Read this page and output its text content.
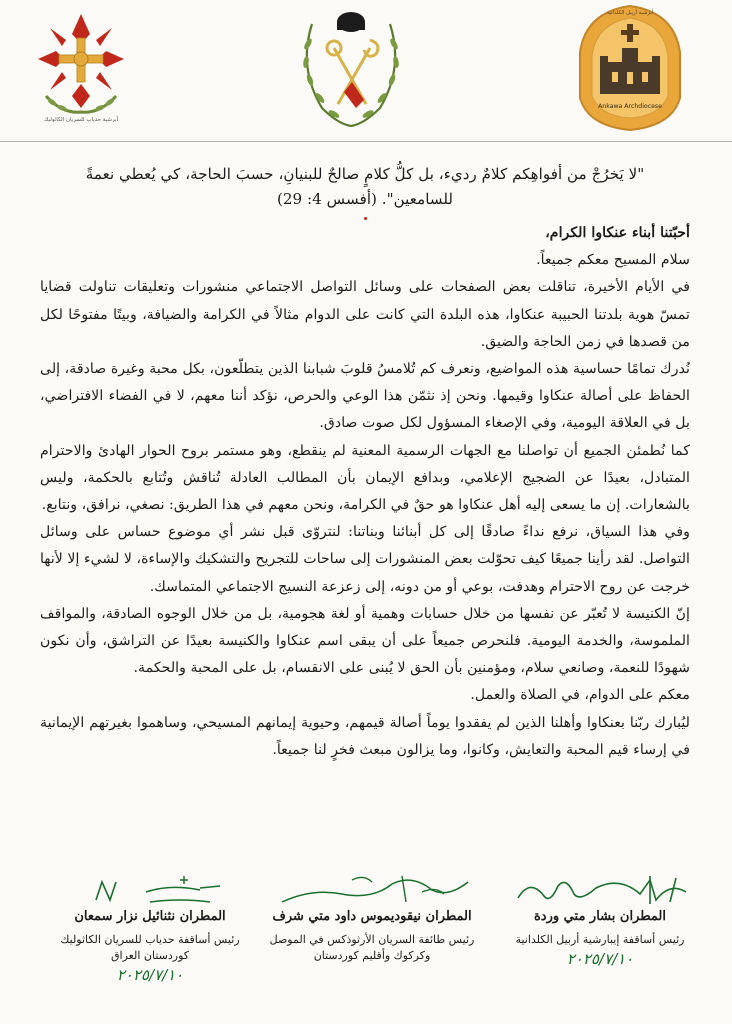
أبرشية حدياب للسريان الكاثوليك
Ankawa Archdiocese
أبرشية أربيل الكلدانية

"لا يَخرُجْ من أفواهِكم كلامٌ رديء، بل كلُّ كلامٍ صالحٌ للبنيانِ، حسبَ الحاجة، كي يُعطي نعمةً للسامعين". (أفسس 4: 29)

أحبّتنا أبناء عنكاوا الكرام،

سلام المسيح معكم جميعاً.

في الأيام الأخيرة، تناقلت بعض الصفحات على وسائل التواصل الاجتماعي منشورات وتعليقات تناولت قضايا تمسّ هوية بلدتنا الحبيبة عنكاوا، هذه البلدة التي كانت على الدوام مثالاً في الكرامة والضيافة، وبيتًا مفتوحًا لكل من قصدها في زمن الحاجة والضيق.

نُدرك تمامًا حساسية هذه المواضيع، ونعرف كم تُلامسُ قلوبَ شبابنا الذين يتطلّعون، بكل محبة وغيرة صادقة، إلى الحفاظ على أصالة عنكاوا وقيمها. ونحن إذ نثمّن هذا الوعي والحرص، نؤكد أننا معهم، لا في الفضاء الافتراضي، بل في العلاقة اليومية، وفي الإصغاء المسؤول لكل صوت صادق.

كما نُطمئن الجميع أن تواصلنا مع الجهات الرسمية المعنية لم ينقطع، وهو مستمر بروح الحوار الهادئ والاحترام المتبادل، بعيدًا عن الضجيج الإعلامي، وبدافع الإيمان بأن المطالب العادلة تُناقش وتُتابع بالحكمة، وليس بالشعارات. إن ما يسعى إليه أهل عنكاوا هو حقٌ في الكرامة، ونحن معهم في هذا الطريق: نصغي، نرافق، ونتابع.

وفي هذا السياق، نرفع نداءً صادقًا إلى كل أبنائنا وبناتنا: لنتروّى قبل نشر أي موضوع حساس على وسائل التواصل. لقد رأينا جميعًا كيف تحوّلت بعض المنشورات إلى ساحات للتجريح والتشكيك والإساءة، لا لشيء إلا لأنها خرجت عن روح الاحترام وهدفت، بوعي أو من دونه، إلى زعزعة النسيج الاجتماعي المتماسك.

إنّ الكنيسة لا تُعبّر عن نفسها من خلال حسابات وهمية أو لغة هجومية، بل من خلال الوجوه الصادقة، والمواقف الملموسة، والخدمة اليومية. فلنحرص جميعاً على أن يبقى اسم عنكاوا والكنيسة بعيدًا عن التراشق، وأن نكون شهودًا للنعمة، وصانعي سلام، ومؤمنين بأن الحق لا يُبنى على الانقسام، بل على المحبة والحكمة.

معكم على الدوام، في الصلاة والعمل.

ليُبارك ربّنا بعنكاوا وأهلنا الذين لم يفقدوا يوماً أصالة قيمهم، وحيوية إيمانهم المسيحي، وساهموا بغيرتهم الإيمانية في إرساء قيم المحبة والتعايش، وكانوا، وما يزالون مبعث فخرٍ لنا جميعاً.

المطران بشار متي وردة
رئيس أساقفة إيبارشية أربيل الكلدانية
٢٠٢٥/٧/١٠
المطران نيقوديموس داود متي شرف
رئيس طائفة السريان الأرثوذكس في الموصل وكركوك وأقليم كوردستان
المطران نثنائيل نزار سمعان
رئيس أساقفة حدياب للسريان الكاثوليك كوردستان العراق
٢٠٢٥/٧/١٠
